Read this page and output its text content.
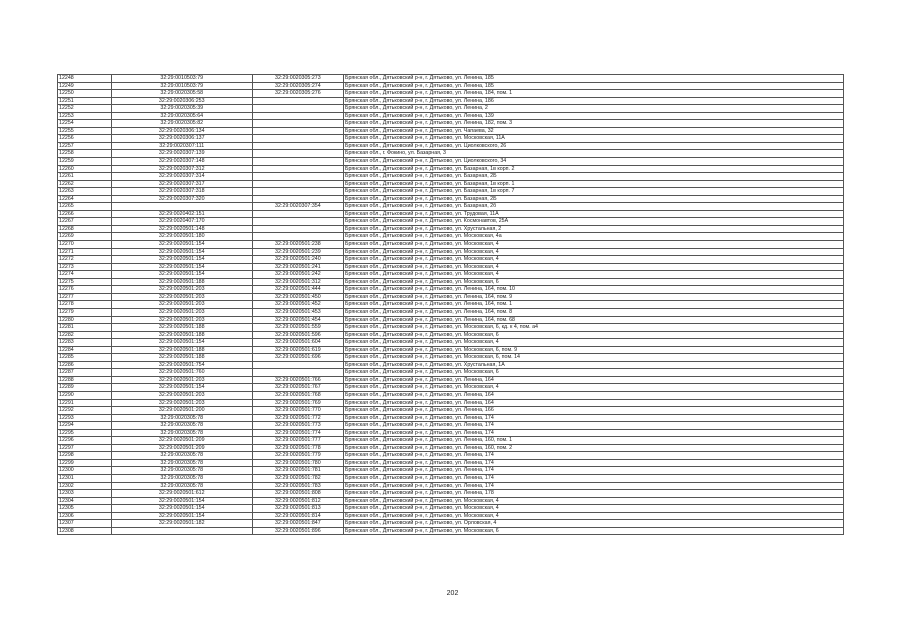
12248	32:29:0010503:79	32:29:0020305:273	Брянская обл., Дятьковский р-н, г. Дятьково, ул. Ленина, 185
12249	32:29:0010503:79	32:29:0020305:274	Брянская обл., Дятьковский р-н, г. Дятьково, ул. Ленина, 185
12250	32:29:0020305:58	32:29:0020305:276	Брянская обл., Дятьковский р-н, г. Дятьково, ул. Ленина, 184, пом. 1
12251	32:29:0020306:253		Брянская обл., Дятьковский р-н, г. Дятьково, ул. Ленина, 186
12252	32:29:0020305:39		Брянская обл., Дятьковский р-н, г. Дятьково, ул. Ленина, 2
12253	32:29:0020305:64		Брянская обл., Дятьковский р-н, г. Дятьково, ул. Ленина, 139
12254	32:29:0020305:82		Брянская обл., Дятьковский р-н, г. Дятьково, ул. Ленина, 182, пом. 3
12255	32:29:0020306:134		Брянская обл., Дятьковский р-н, г. Дятьково, ул. Чапаева, 32
12256	32:29:0020306:137		Брянская обл., Дятьковский р-н, г. Дятьково, ул. Московская, 11А
12257	32:29:0020307:111		Брянская обл., Дятьковский р-н, г. Дятьково, ул. Циолковского, 26
12258	32:29:0020307:139		Брянская обл., г. Фокино, ул. Базарная, 3
12259	32:29:0020307:148		Брянская обл., Дятьковский р-н, г. Дятьково, ул. Циолковского, 34
12260	32:29:0020307:312		Брянская обл., Дятьковский р-н, г. Дятьково, ул. Базарная, 1в корп. 2
12261	32:29:0020307:314		Брянская обл., Дятьковский р-н, г. Дятьково, ул. Базарная, 2Б
12262	32:29:0020307:317		Брянская обл., Дятьковский р-н, г. Дятьково, ул. Базарная, 1в корп. 1
12263	32:29:0020307:318		Брянская обл., Дятьковский р-н, г. Дятьково, ул. Базарная, 1в корп. 7
12264	32:29:0020307:320		Брянская обл., Дятьковский р-н, г. Дятьково, ул. Базарная, 2Б
12265		32:29:0020307:354	Брянская обл., Дятьковский р-н, г. Дятьково, ул. Базарная, 2б
12266	32:29:0020402:151		Брянская обл., Дятьковский р-н, г. Дятьково, ул. Трудовая, 11А
12267	32:29:0020407:170		Брянская обл., Дятьковский р-н, г. Дятьково, ул. Космонавтов, 25А
12268	32:29:0020501:148		Брянская обл., Дятьковский р-н, г. Дятьково, ул. Хрустальная, 2
12269	32:29:0020501:180		Брянская обл., Дятьковский р-н, г. Дятьково, ул. Московская, 4а
12270	32:29:0020501:154	32:29:0020501:238	Брянская обл., Дятьковский р-н, г. Дятьково, ул. Московская, 4
12271	32:29:0020501:154	32:29:0020501:239	Брянская обл., Дятьковский р-н, г. Дятьково, ул. Московская, 4
12272	32:29:0020501:154	32:29:0020501:240	Брянская обл., Дятьковский р-н, г. Дятьково, ул. Московская, 4
12273	32:29:0020501:154	32:29:0020501:241	Брянская обл., Дятьковский р-н, г. Дятьково, ул. Московская, 4
12274	32:29:0020501:154	32:29:0020501:242	Брянская обл., Дятьковский р-н, г. Дятьково, ул. Московская, 4
12275	32:29:0020501:188	32:29:0020501:312	Брянская обл., Дятьковский р-н, г. Дятьково, ул. Московская, 6
12276	32:29:0020501:203	32:29:0020501:444	Брянская обл., Дятьковский р-н, г. Дятьково, ул. Ленина, 164, пом. 10
12277	32:29:0020501:203	32:29:0020501:450	Брянская обл., Дятьковский р-н, г. Дятьково, ул. Ленина, 164, пом. 9
12278	32:29:0020501:203	32:29:0020501:452	Брянская обл., Дятьковский р-н, г. Дятьково, ул. Ленина, 164, пом. 1
12279	32:29:0020501:203	32:29:0020501:453	Брянская обл., Дятьковский р-н, г. Дятьково, ул. Ленина, 164, пом. 8
12280	32:29:0020501:203	32:29:0020501:454	Брянская обл., Дятьковский р-н, г. Дятьково, ул. Ленина, 164, пом. 68
12281	32:29:0020501:188	32:29:0020501:559	Брянская обл., Дятьковский р-н, г. Дятьково, ул. Московская, 6, кд. к 4, пом. а4
12282	32:29:0020501:188	32:29:0020501:596	Брянская обл., Дятьковский р-н, г. Дятьково, ул. Московская, 6
12283	32:29:0020501:154	32:29:0020501:604	Брянская обл., Дятьковский р-н, г. Дятьково, ул. Московская, 4
12284	32:29:0020501:188	32:29:0020501:619	Брянская обл., Дятьковский р-н, г. Дятьково, ул. Московская, 6, пом. 9
12285	32:29:0020501:188	32:29:0020501:696	Брянская обл., Дятьковский р-н, г. Дятьково, ул. Московская, 6, пом. 14
12286	32:29:0020501:754		Брянская обл., Дятьковский р-н, г. Дятьково, ул. Хрустальная, 1А
12287	32:29:0020501:760		Брянская обл., Дятьковский р-н, г. Дятьково, ул. Московская, 6
12288	32:29:0020501:203	32:29:0020501:766	Брянская обл., Дятьковский р-н, г. Дятьково, ул. Ленина, 164
12289	32:29:0020501:154	32:29:0020501:767	Брянская обл., Дятьковский р-н, г. Дятьково, ул. Московская, 4
12290	32:29:0020501:203	32:29:0020501:768	Брянская обл., Дятьковский р-н, г. Дятьково, ул. Ленина, 164
12291	32:29:0020501:203	32:29:0020501:769	Брянская обл., Дятьковский р-н, г. Дятьково, ул. Ленина, 164
12292	32:29:0020501:200	32:29:0020501:770	Брянская обл., Дятьковский р-н, г. Дятьково, ул. Ленина, 166
12293	32:29:0020305:78	32:29:0020501:772	Брянская обл., Дятьковский р-н, г. Дятьково, ул. Ленина, 174
12294	32:29:0020305:78	32:29:0020501:773	Брянская обл., Дятьковский р-н, г. Дятьково, ул. Ленина, 174
12295	32:29:0020305:78	32:29:0020501:774	Брянская обл., Дятьковский р-н, г. Дятьково, ул. Ленина, 174
12296	32:29:0020501:209	32:29:0020501:777	Брянская обл., Дятьковский р-н, г. Дятьково, ул. Ленина, 160, пом. 1
12297	32:29:0020501:209	32:29:0020501:778	Брянская обл., Дятьковский р-н, г. Дятьково, ул. Ленина, 160, пом. 2
12298	32:29:0020305:78	32:29:0020501:779	Брянская обл., Дятьковский р-н, г. Дятьково, ул. Ленина, 174
12299	32:29:0020305:78	32:29:0020501:780	Брянская обл., Дятьковский р-н, г. Дятьково, ул. Ленина, 174
12300	32:29:0020305:78	32:29:0020501:781	Брянская обл., Дятьковский р-н, г. Дятьково, ул. Ленина, 174
12301	32:29:0020305:78	32:29:0020501:782	Брянская обл., Дятьковский р-н, г. Дятьково, ул. Ленина, 174
12302	32:29:0020305:78	32:29:0020501:783	Брянская обл., Дятьковский р-н, г. Дятьково, ул. Ленина, 174
12303	32:29:0020501:612	32:29:0020501:808	Брянская обл., Дятьковский р-н, г. Дятьково, ул. Ленина, 178
12304	32:29:0020501:154	32:29:0020501:812	Брянская обл., Дятьковский р-н, г. Дятьково, ул. Московская, 4
12305	32:29:0020501:154	32:29:0020501:813	Брянская обл., Дятьковский р-н, г. Дятьково, ул. Московская, 4
12306	32:29:0020501:154	32:29:0020501:814	Брянская обл., Дятьковский р-н, г. Дятьково, ул. Московская, 4
12307	32:29:0020501:182	32:29:0020501:847	Брянская обл., Дятьковский р-н, г. Дятьково, ул. Орловская, 4
12308		32:29:0020501:896	Брянская обл., Дятьковский р-н, г. Дятьково, ул. Московская, 6
202
